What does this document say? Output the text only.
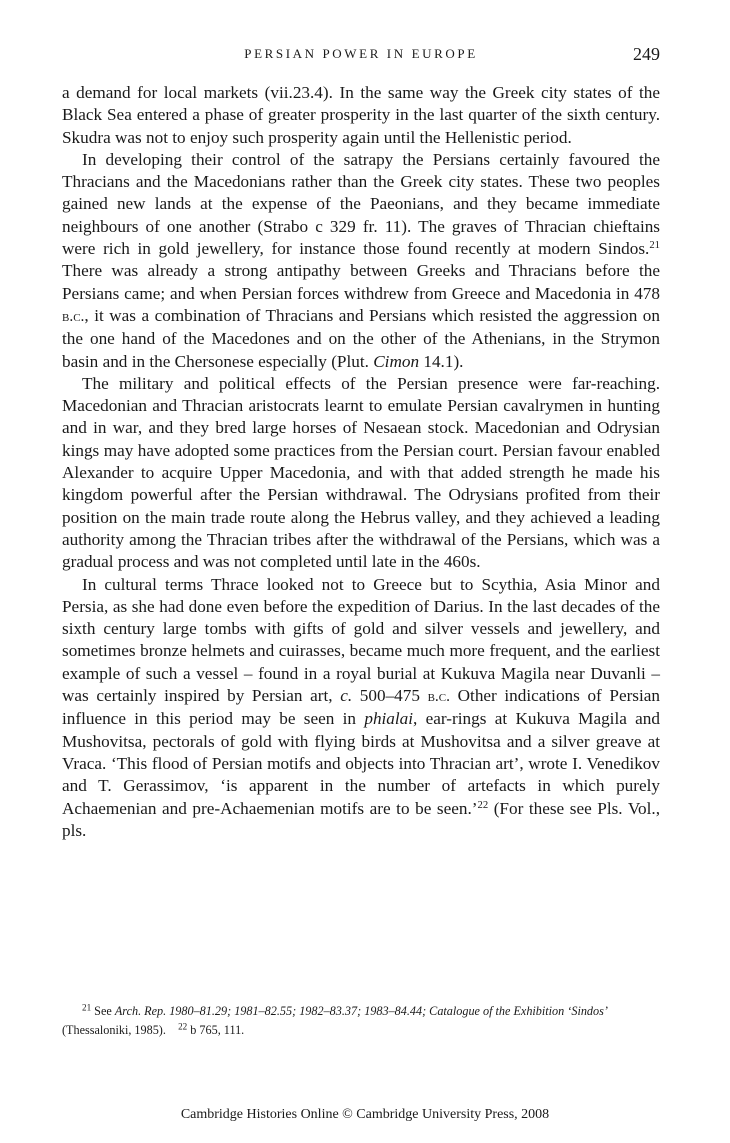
PERSIAN POWER IN EUROPE	249

a demand for local markets (vii.23.4). In the same way the Greek city states of the Black Sea entered a phase of greater prosperity in the last quarter of the sixth century. Skudra was not to enjoy such prosperity again until the Hellenistic period.

In developing their control of the satrapy the Persians certainly favoured the Thracians and the Macedonians rather than the Greek city states. These two peoples gained new lands at the expense of the Paeonians, and they became immediate neighbours of one another (Strabo c 329 fr. 11). The graves of Thracian chieftains were rich in gold jewellery, for instance those found recently at modern Sindos.$^{21}$ There was already a strong antipathy between Greeks and Thracians before the Persians came; and when Persian forces withdrew from Greece and Macedonia in 478 b.c., it was a combination of Thracians and Persians which resisted the aggression on the one hand of the Macedones and on the other of the Athenians, in the Strymon basin and in the Chersonese especially (Plut. Cimon 14.1).

The military and political effects of the Persian presence were far-reaching. Macedonian and Thracian aristocrats learnt to emulate Persian cavalrymen in hunting and in war, and they bred large horses of Nesaean stock. Macedonian and Odrysian kings may have adopted some practices from the Persian court. Persian favour enabled Alexander to acquire Upper Macedonia, and with that added strength he made his kingdom powerful after the Persian withdrawal. The Odrysians profited from their position on the main trade route along the Hebrus valley, and they achieved a leading authority among the Thracian tribes after the withdrawal of the Persians, which was a gradual process and was not completed until late in the 460s.

In cultural terms Thrace looked not to Greece but to Scythia, Asia Minor and Persia, as she had done even before the expedition of Darius. In the last decades of the sixth century large tombs with gifts of gold and silver vessels and jewellery, and sometimes bronze helmets and cuirasses, became much more frequent, and the earliest example of such a vessel – found in a royal burial at Kukuva Magila near Duvanli – was certainly inspired by Persian art, c. 500–475 b.c. Other indications of Persian influence in this period may be seen in phialai, ear-rings at Kukuva Magila and Mushovitsa, pectorals of gold with flying birds at Mushovitsa and a silver greave at Vraca. ‘This flood of Persian motifs and objects into Thracian art’, wrote I. Venedikov and T. Gerassimov, ‘is apparent in the number of artefacts in which purely Achaemenian and pre-Achaemenian motifs are to be seen.’$^{22}$ (For these see Pls. Vol., pls.

$^{21}$ See Arch. Rep. 1980–81.29; 1981–82.55; 1982–83.37; 1983–84.44; Catalogue of the Exhibition ‘Sindos’ (Thessaloniki, 1985). $^{22}$ b 765, 111.

Cambridge Histories Online © Cambridge University Press, 2008
